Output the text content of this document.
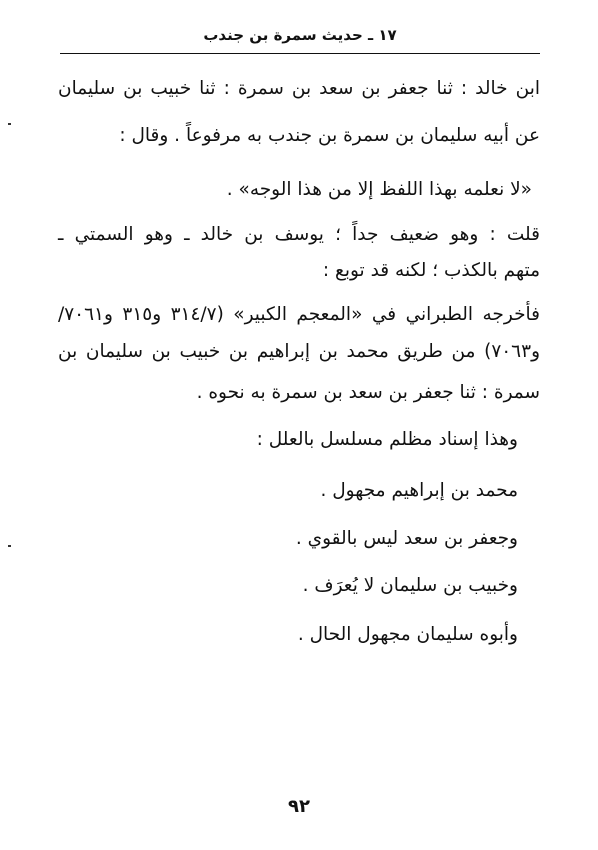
١٧ ـ حديث سمرة بن جندب
ابن خالد : ثنا جعفر بن سعد بن سمرة : ثنا خبيب بن سليمان
عن أبيه سليمان بن سمرة بن جندب به مرفوعاً . وقال :
«لا نعلمه بهذا اللفظ إلا من هذا الوجه» .
قلت : وهو ضعيف جداً ؛ يوسف بن خالد ـ وهو السمتي ـ
متهم بالكذب ؛ لكنه قد توبع :
فأخرجه الطبراني في «المعجم الكبير» (٣١٤/٧ و٣١٥ و٧٠٦١/
و٧٠٦٣) من طريق محمد بن إبراهيم بن خبيب بن سليمان بن
سمرة : ثنا جعفر بن سعد بن سمرة به نحوه .
وهذا إسناد مظلم مسلسل بالعلل :
محمد بن إبراهيم مجهول .
وجعفر بن سعد ليس بالقوي .
وخبيب بن سليمان لا يُعرَف .
وأبوه سليمان مجهول الحال .
٩٢
